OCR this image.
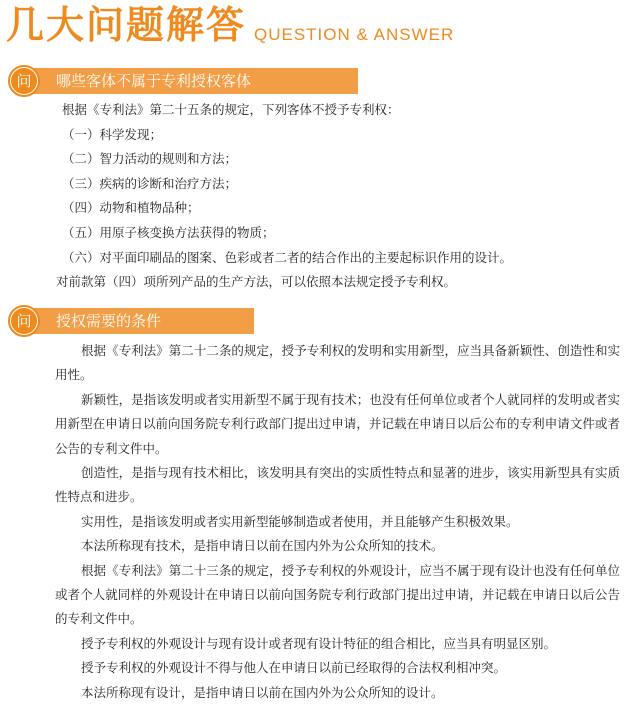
几大问题解答 QUESTION & ANSWER
问	哪些客体不属于专利授权客体

根据《专利法》第二十五条的规定，下列客体不授予专利权：

（一）科学发现；

（二）智力活动的规则和方法；

（三）疾病的诊断和治疗方法；

（四）动物和植物品种；

（五）用原子核变换方法获得的物质；

（六）对平面印刷品的图案、色彩或者二者的结合作出的主要起标识作用的设计。

对前款第（四）项所列产品的生产方法，可以依照本法规定授予专利权。

问	授权需要的条件

根据《专利法》第二十二条的规定，授予专利权的发明和实用新型，应当具备新颖性、创造性和实用性。

新颖性，是指该发明或者实用新型不属于现有技术；也没有任何单位或者个人就同样的发明或者实用新型在申请日以前向国务院专利行政部门提出过申请，并记载在申请日以后公布的专利申请文件或者公告的专利文件中。

创造性，是指与现有技术相比，该发明具有突出的实质性特点和显著的进步，该实用新型具有实质性特点和进步。

实用性，是指该发明或者实用新型能够制造或者使用，并且能够产生积极效果。

本法所称现有技术，是指申请日以前在国内外为公众所知的技术。

根据《专利法》第二十三条的规定，授予专利权的外观设计，应当不属于现有设计也没有任何单位或者个人就同样的外观设计在申请日以前向国务院专利行政部门提出过申请，并记载在申请日以后公告的专利文件中。

授予专利权的外观设计与现有设计或者现有设计特征的组合相比，应当具有明显区别。

授予专利权的外观设计不得与他人在申请日以前已经取得的合法权利相冲突。

本法所称现有设计，是指申请日以前在国内外为公众所知的设计。
